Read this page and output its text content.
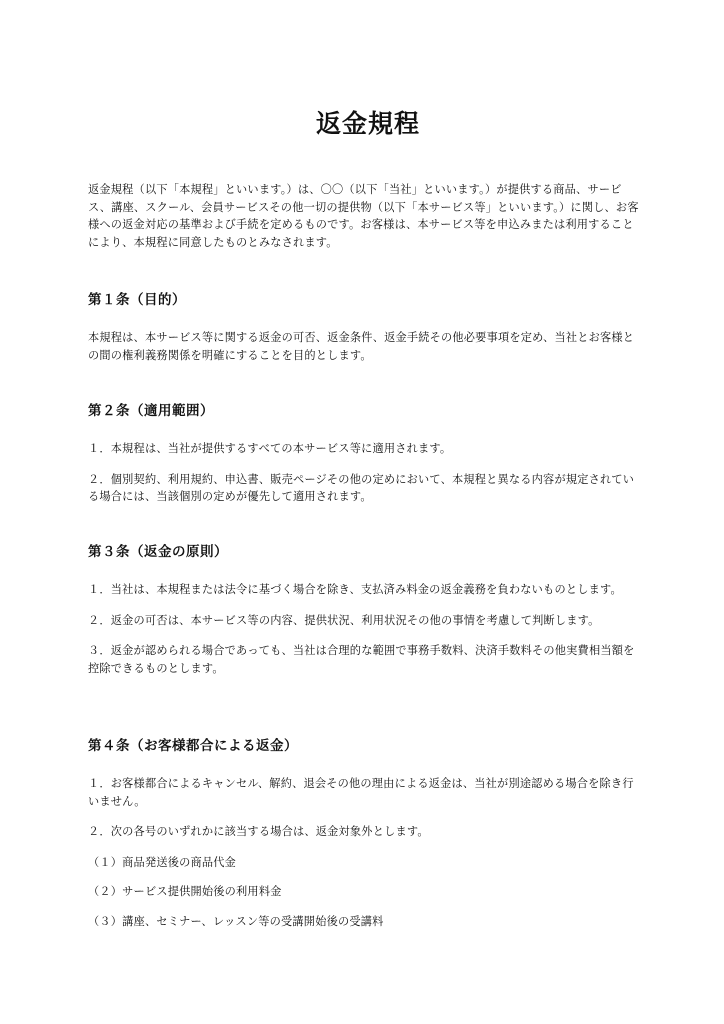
返金規程

返金規程（以下「本規程」といいます。）は、〇〇（以下「当社」といいます。）が提供する商品、サービス、講座、スクール、会員サービスその他一切の提供物（以下「本サービス等」といいます。）に関し、お客様への返金対応の基準および手続を定めるものです。お客様は、本サービス等を申込みまたは利用することにより、本規程に同意したものとみなされます。

第１条（目的）

本規程は、本サービス等に関する返金の可否、返金条件、返金手続その他必要事項を定め、当社とお客様との間の権利義務関係を明確にすることを目的とします。

第２条（適用範囲）

１．本規程は、当社が提供するすべての本サービス等に適用されます。

２．個別契約、利用規約、申込書、販売ページその他の定めにおいて、本規程と異なる内容が規定されている場合には、当該個別の定めが優先して適用されます。

第３条（返金の原則）

１．当社は、本規程または法令に基づく場合を除き、支払済み料金の返金義務を負わないものとします。

２．返金の可否は、本サービス等の内容、提供状況、利用状況その他の事情を考慮して判断します。

３．返金が認められる場合であっても、当社は合理的な範囲で事務手数料、決済手数料その他実費相当額を控除できるものとします。

第４条（お客様都合による返金）

１．お客様都合によるキャンセル、解約、退会その他の理由による返金は、当社が別途認める場合を除き行いません。

２．次の各号のいずれかに該当する場合は、返金対象外とします。

（１）商品発送後の商品代金

（２）サービス提供開始後の利用料金

（３）講座、セミナー、レッスン等の受講開始後の受講料
